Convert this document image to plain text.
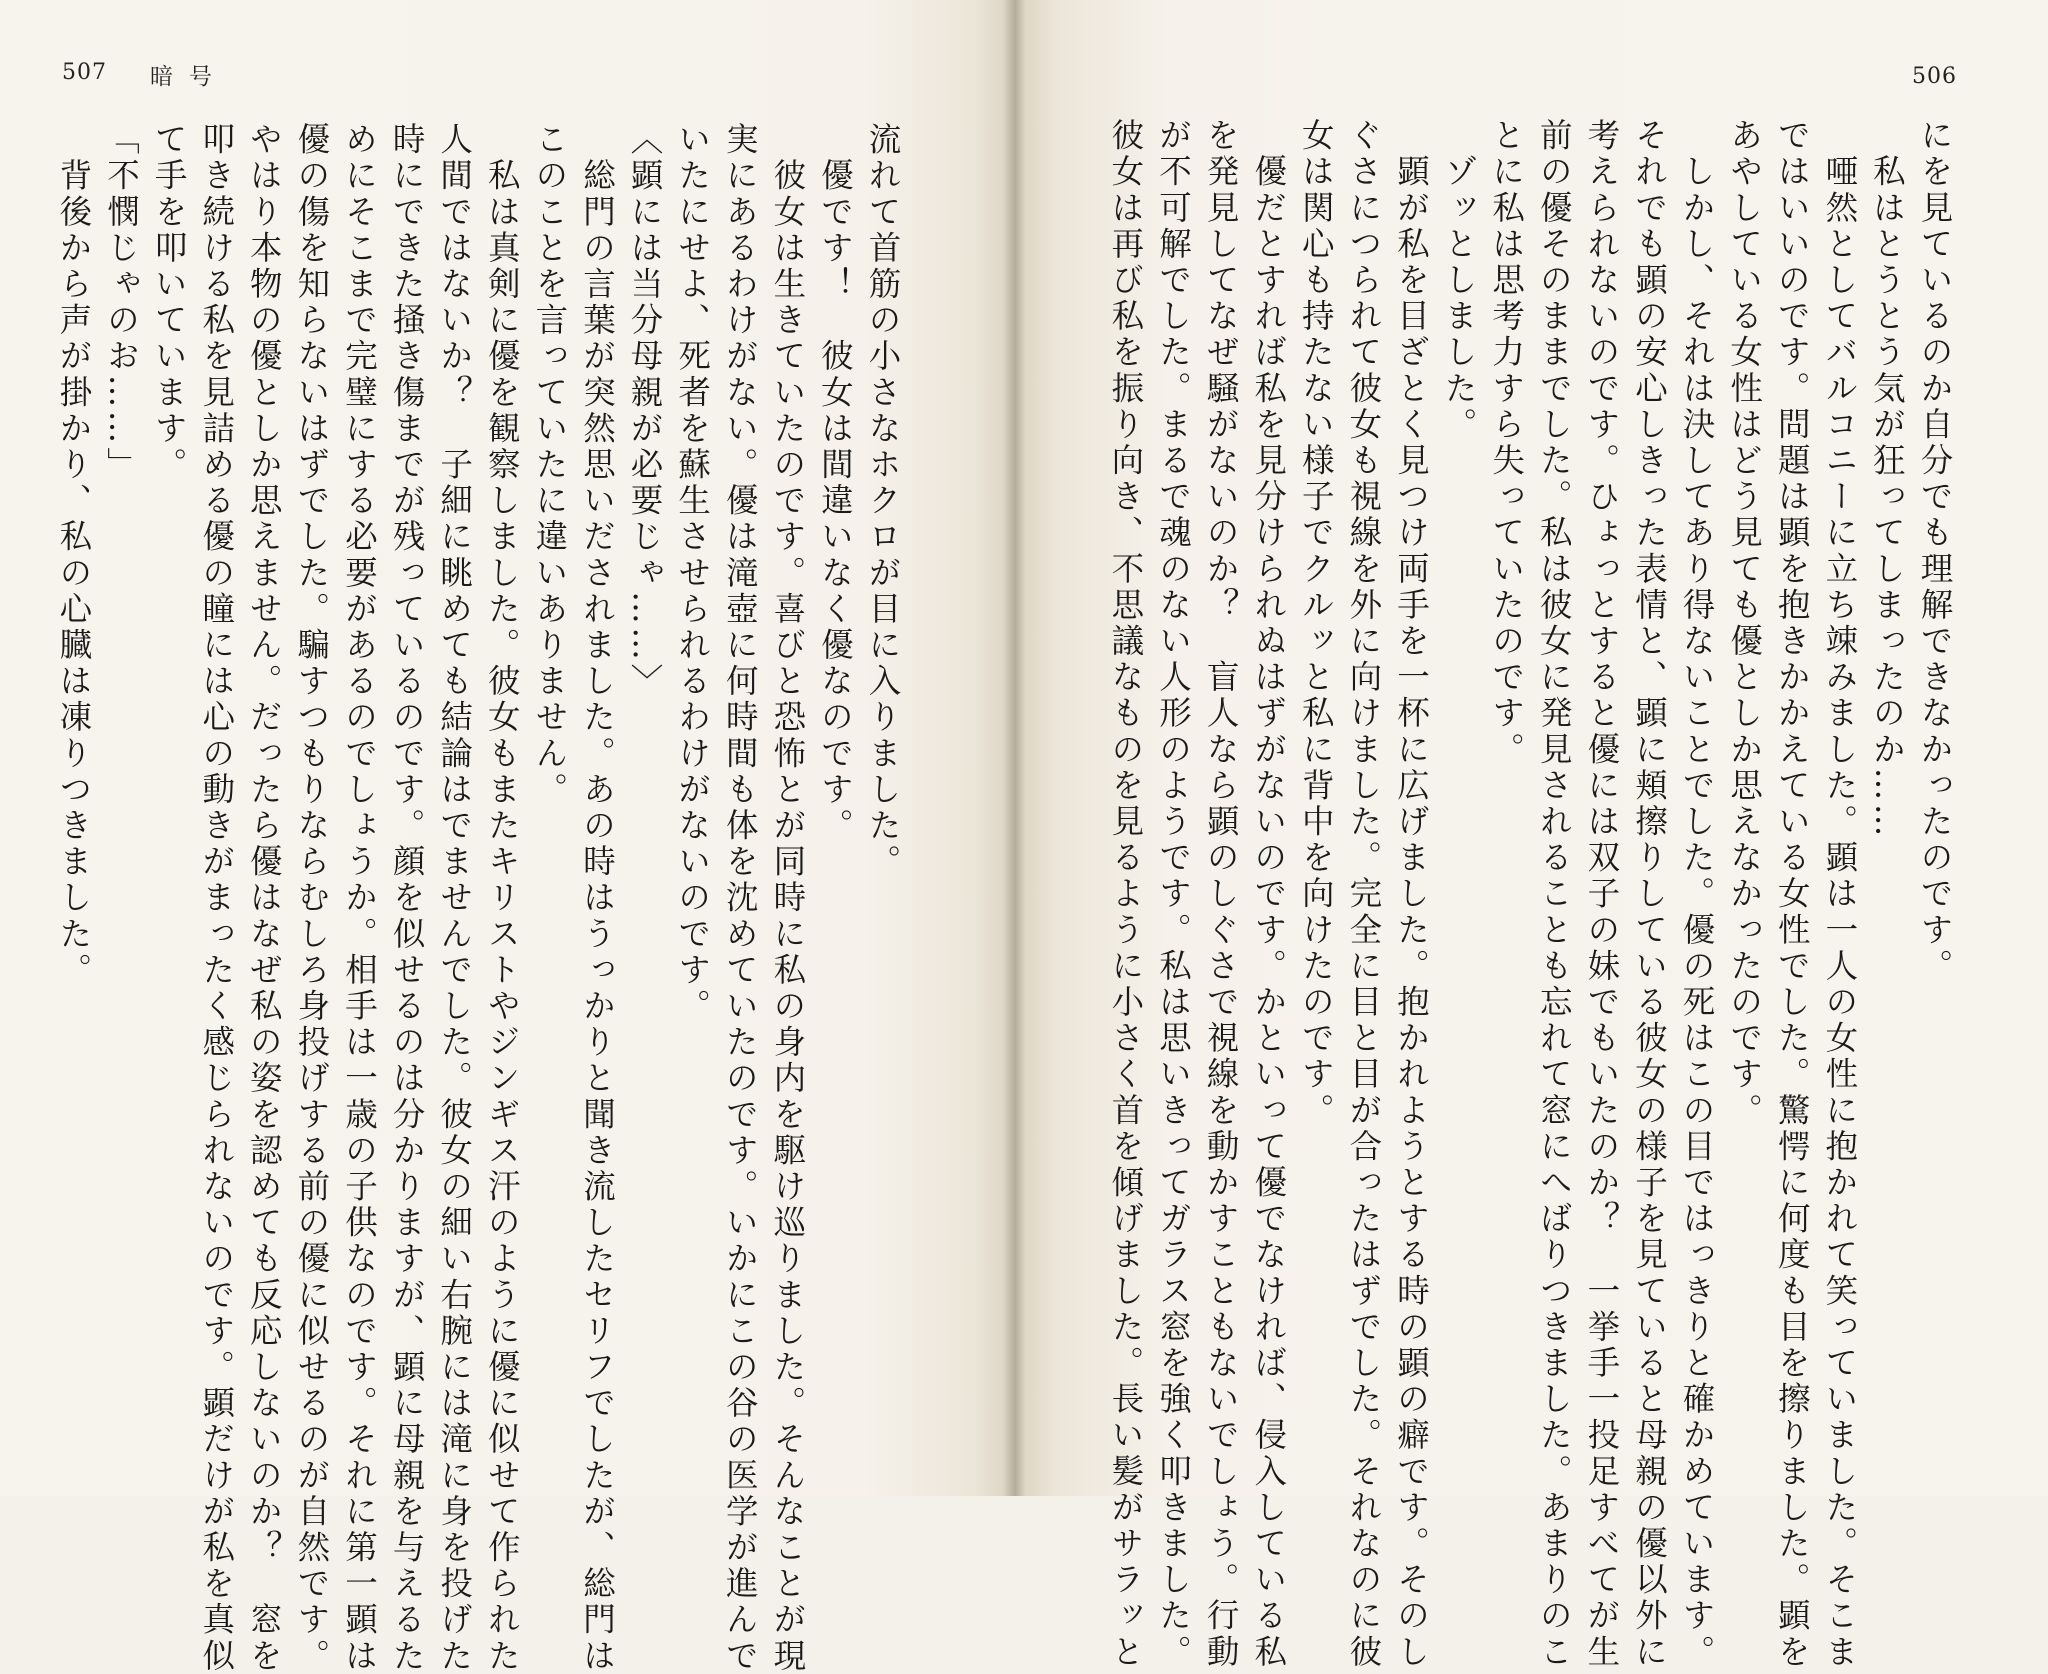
507 暗号
流れて首筋の小さなホクロが目に入りました。
　優です！　彼女は間違いなく優なのです。
　彼女は生きていたのです。喜びと恐怖とが同時に私の身内を駆け巡りました。そんなことが現
実にあるわけがない。優は滝壺に何時間も体を沈めていたのです。いかにこの谷の医学が進んで
いたにせよ、死者を蘇生させられるわけがないのです。
〈顕には当分母親が必要じゃ……〉
　総門の言葉が突然思いだされました。あの時はうっかりと聞き流したセリフでしたが、総門は
このことを言っていたに違いありません。
　私は真剣に優を観察しました。彼女もまたキリストやジンギス汗のように優に似せて作られた
人間ではないか？　子細に眺めても結論はでませんでした。彼女の細い右腕には滝に身を投げた
時にできた掻き傷までが残っているのです。顔を似せるのは分かりますが、顕に母親を与えるた
めにそこまで完璧にする必要があるのでしょうか。相手は一歳の子供なのです。それに第一顕は
優の傷を知らないはずでした。騙すつもりならむしろ身投げする前の優に似せるのが自然です。
やはり本物の優としか思えません。だったら優はなぜ私の姿を認めても反応しないのか？　窓を
叩き続ける私を見詰める優の瞳には心の動きがまったく感じられないのです。顕だけが私を真似
て手を叩いています。
「不憫じゃのお……」
　背後から声が掛かり、私の心臓は凍りつきました。
506
にを見ているのか自分でも理解できなかったのです。
　私はとうとう気が狂ってしまったのか……
　唖然としてバルコニーに立ち竦みました。顕は一人の女性に抱かれて笑っていました。そこま
ではいいのです。問題は顕を抱きかかえている女性でした。驚愕に何度も目を擦りました。顕を
あやしている女性はどう見ても優としか思えなかったのです。
　しかし、それは決してあり得ないことでした。優の死はこの目ではっきりと確かめています。
それでも顕の安心しきった表情と、顕に頬擦りしている彼女の様子を見ていると母親の優以外に
考えられないのです。ひょっとすると優には双子の妹でもいたのか？　一挙手一投足すべてが生
前の優そのままでした。私は彼女に発見されることも忘れて窓にへばりつきました。あまりのこ
とに私は思考力すら失っていたのです。
　ゾッとしました。
　顕が私を目ざとく見つけ両手を一杯に広げました。抱かれようとする時の顕の癖です。そのし
ぐさにつられて彼女も視線を外に向けました。完全に目と目が合ったはずでした。それなのに彼
女は関心も持たない様子でクルッと私に背中を向けたのです。
　優だとすれば私を見分けられぬはずがないのです。かといって優でなければ、侵入している私
を発見してなぜ騒がないのか？　盲人なら顕のしぐさで視線を動かすこともないでしょう。行動
が不可解でした。まるで魂のない人形のようです。私は思いきってガラス窓を強く叩きました。
彼女は再び私を振り向き、不思議なものを見るように小さく首を傾げました。長い髪がサラッと
